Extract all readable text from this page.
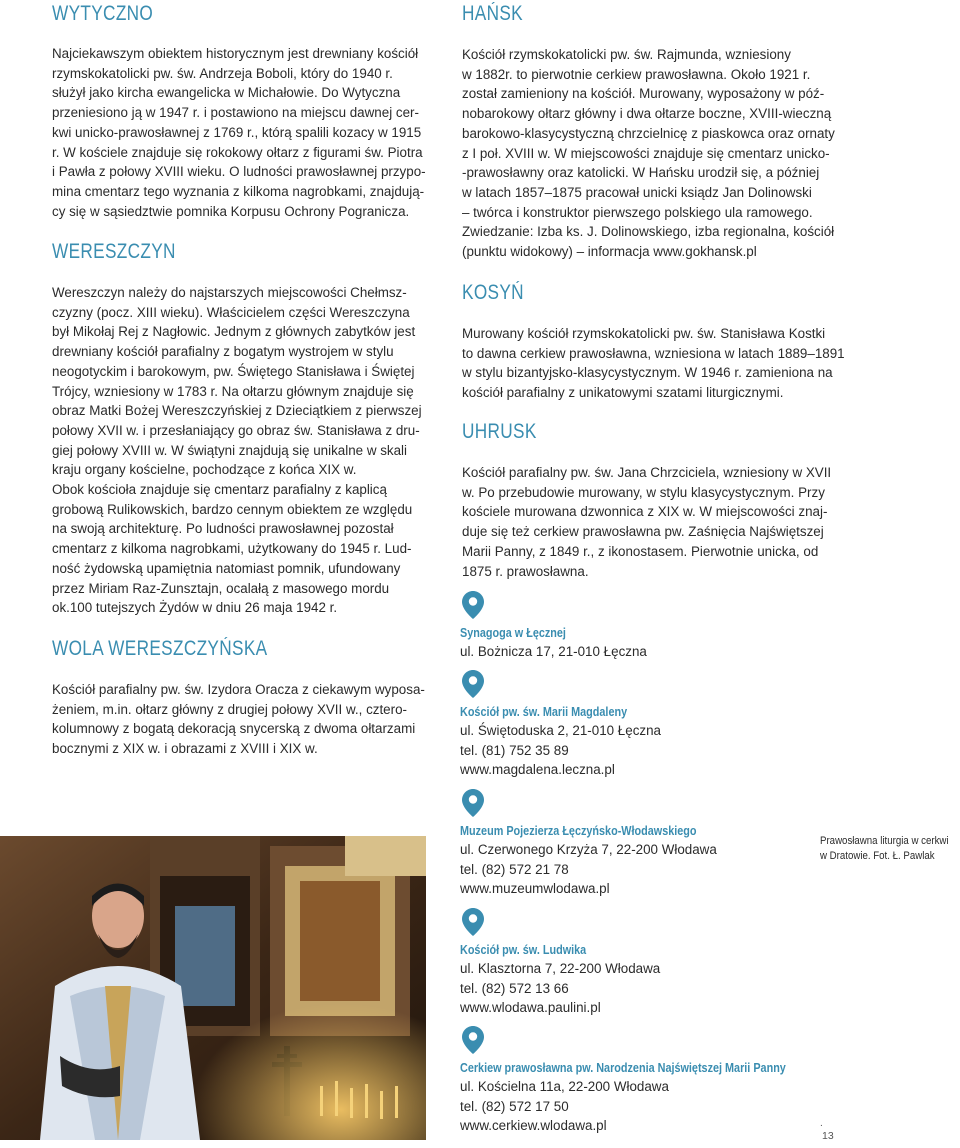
WYTYCZNO

Najciekawszym obiektem historycznym jest drewniany kościół

rzymskokatolicki pw. św. Andrzeja Boboli, który do 1940 r.

służył jako kircha ewangelicka w Michałowie. Do Wytyczna

przeniesiono ją w 1947 r. i postawiono na miejscu dawnej cer-

kwi unicko-prawosławnej z 1769 r., którą spalili kozacy w 1915

r. W kościele znajduje się rokokowy ołtarz z figurami św. Piotra

i Pawła z połowy XVIII wieku. O ludności prawosławnej przypo-

mina cmentarz tego wyznania z kilkoma nagrobkami, znajdują-

cy się w sąsiedztwie pomnika Korpusu Ochrony Pogranicza.

WERESZCZYN

Wereszczyn należy do najstarszych miejscowości Chełmsz-

czyzny (pocz. XIII wieku). Właścicielem części Wereszczyna

był Mikołaj Rej z Nagłowic. Jednym z głównych zabytków jest

drewniany kościół parafialny z bogatym wystrojem w stylu

neogotyckim i barokowym, pw. Świętego Stanisława i Świętej

Trójcy, wzniesiony w 1783 r. Na ołtarzu głównym znajduje się

obraz Matki Bożej Wereszczyńskiej z Dzieciątkiem z pierwszej

połowy XVII w. i przesłaniający go obraz św. Stanisława z dru-

giej połowy XVIII w. W świątyni znajdują się unikalne w skali

kraju organy kościelne, pochodzące z końca XIX w.

Obok kościoła znajduje się cmentarz parafialny z kaplicą

grobową Rulikowskich, bardzo cennym obiektem ze względu

na swoją architekturę. Po ludności prawosławnej pozostał

cmentarz z kilkoma nagrobkami, użytkowany do 1945 r. Lud-

ność żydowską upamiętnia natomiast pomnik, ufundowany

przez Miriam Raz-Zunsztajn, ocalałą z masowego mordu

ok.100 tutejszych Żydów w dniu 26 maja 1942 r.

WOLA WERESZCZYŃSKA

Kościół parafialny pw. św. Izydora Oracza z ciekawym wyposa-

żeniem, m.in. ołtarz główny z drugiej połowy XVII w., cztero-

kolumnowy z bogatą dekoracją snycerską z dwoma ołtarzami

bocznymi z XIX w. i obrazami z XVIII i XIX w.

HAŃSK

Kościół rzymskokatolicki pw. św. Rajmunda, wzniesiony

w 1882r. to pierwotnie cerkiew prawosławna. Około 1921 r.

został zamieniony na kościół. Murowany, wyposażony w póź-

nobarokowy ołtarz główny i dwa ołtarze boczne, XVIII-wieczną

barokowo-klasycystyczną chrzcielnicę z piaskowca oraz ornaty

z I poł. XVIII w. W miejscowości znajduje się cmentarz unicko-

-prawosławny oraz katolicki. W Hańsku urodził się, a później

w latach 1857–1875 pracował unicki ksiądz Jan Dolinowski

– twórca i konstruktor pierwszego polskiego ula ramowego.

Zwiedzanie: Izba ks. J. Dolinowskiego, izba regionalna, kościół

(punktu widokowy) – informacja www.gokhansk.pl

KOSYŃ

Murowany kościół rzymskokatolicki pw. św. Stanisława Kostki

to dawna cerkiew prawosławna, wzniesiona w latach 1889–1891

w stylu bizantyjsko-klasycystycznym. W 1946 r. zamieniona na

kościół parafialny z unikatowymi szatami liturgicznymi.

UHRUSK

Kościół parafialny pw. św. Jana Chrzciciela, wzniesiony w XVII

w. Po przebudowie murowany, w stylu klasycystycznym. Przy

kościele murowana dzwonnica z XIX w. W miejscowości znaj-

duje się też cerkiew prawosławna pw. Zaśnięcia Najświętszej

Marii Panny, z 1849 r., z ikonostasem. Pierwotnie unicka, od

1875 r. prawosławna.

Synagoga w Łęcznej
ul. Bożnicza 17, 21-010 Łęczna
Kościół pw. św. Marii Magdaleny
ul. Świętoduska 2, 21-010 Łęczna
tel. (81) 752 35 89
www.magdalena.leczna.pl
Muzeum Pojezierza Łęczyńsko-Włodawskiego
ul. Czerwonego Krzyża 7, 22-200 Włodawa
tel. (82) 572 21 78
www.muzeumwlodawa.pl
Kościół pw. św. Ludwika
ul. Klasztorna 7, 22-200 Włodawa
tel. (82) 572 13 66
www.wlodawa.paulini.pl
Cerkiew prawosławna pw. Narodzenia Najświętszej Marii Panny
ul. Kościelna 11a, 22-200 Włodawa
tel. (82) 572 17 50
www.cerkiew.wlodawa.pl
Prawosławna liturgia w cerkwi
w Dratowie. Fot. Ł. Pawlak
.
13
